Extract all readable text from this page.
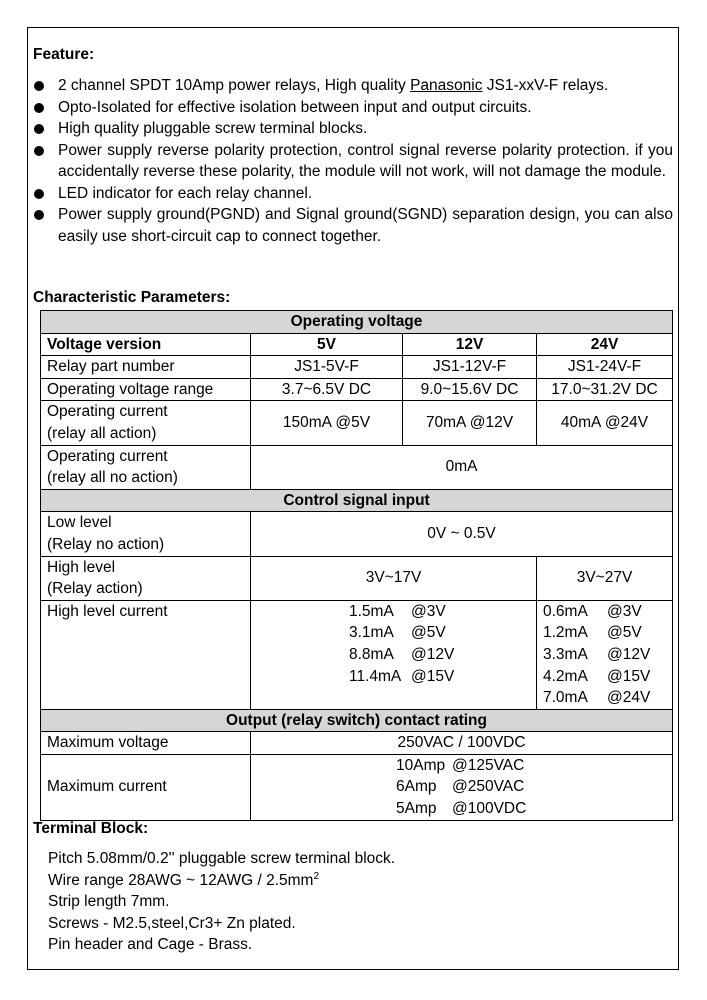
Feature:
2 channel SPDT 10Amp power relays, High quality Panasonic JS1-xxV-F relays.
Opto-Isolated for effective isolation between input and output circuits.
High quality pluggable screw terminal blocks.
Power supply reverse polarity protection, control signal reverse polarity protection. if you accidentally reverse these polarity, the module will not work, will not damage the module.
LED indicator for each relay channel.
Power supply ground(PGND) and Signal ground(SGND) separation design, you can also easily use short-circuit cap to connect together.
Characteristic Parameters:
Operating voltage			
Voltage version	5V	12V	24V
Relay part number	JS1-5V-F	JS1-12V-F	JS1-24V-F
Operating voltage range	3.7~6.5V DC	9.0~15.6V DC	17.0~31.2V DC

Operating current
(relay all action)	150mA @5V	70mA @12V	40mA @24V

Operating current
(relay all no action)	0mA		
Control signal input			

Low level
(Relay no action)	0V ~ 0.5V		

High level
(Relay action)	3V~17V		3V~27V
High level current	1.5mA @3V
3.1mA @5V
8.8mA @12V
11.4mA @15V		0.6mA @3V
1.2mA @5V
3.3mA @12V
4.2mA @15V
7.0mA @24V

Output (relay switch) contact rating			
Maximum voltage	250VAC / 100VDC		
Maximum current	10Amp @125VAC
6Amp @250VAC
5Amp @100VDC		
Terminal Block:
Pitch 5.08mm/0.2'' pluggable screw terminal block.
Wire range 28AWG ~ $12AWG / 2.5mm^2$
Strip length 7mm.
Screws - M2.5,steel,Cr3+ Zn plated.
Pin header and Cage - Brass.
